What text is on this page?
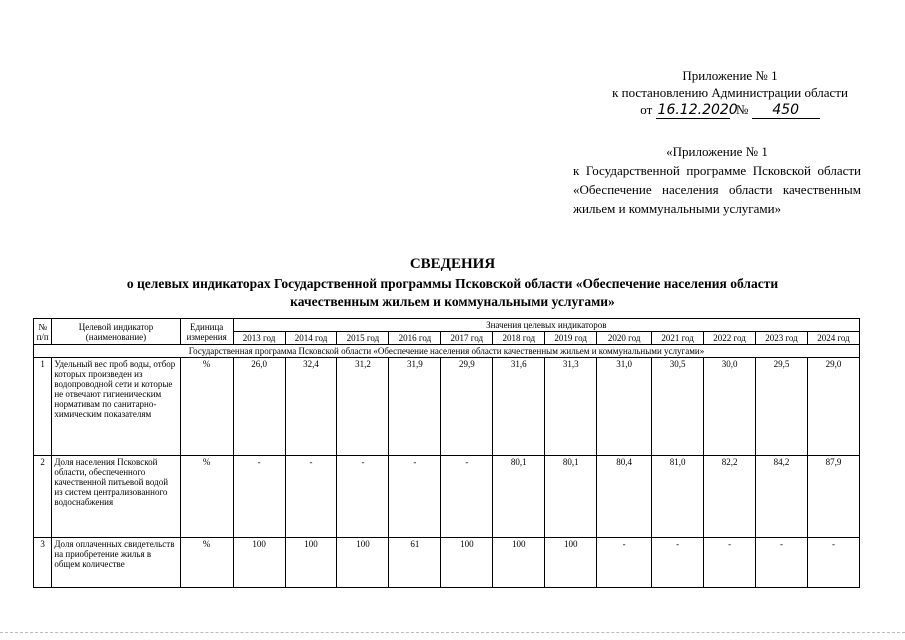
Приложение № 1
к постановлению Администрации области
от 16.12.2020  № 450
«Приложение № 1
к Государственной программе Псковской области «Обеспечение населения области качественным жильем и коммунальными услугами»
СВЕДЕНИЯ
о целевых индикаторах Государственной программы Псковской области «Обеспечение населения области
качественным жильем и коммунальными услугами»
№ п/п	Целевой индикатор (наименование)	Единица измерения	Значения целевых индикаторов											
			2013 год	2014 год	2015 год	2016 год	2017 год	2018 год	2019 год	2020 год	2021 год	2022 год	2023 год	2024 год
Государственная программа Псковской области «Обеспечение населения области качественным жильем и коммунальными услугами»														
1	Удельный вес проб воды, отбор которых произведен из водопроводной сети и которые не отвечают гигиеническим нормативам по санитарно-химическим показателям	%	26,0	32,4	31,2	31,9	29,9	31,6	31,3	31,0	30,5	30,0	29,5	29,0
2	Доля населения Псковской области, обеспеченного качественной питьевой водой из систем централизованного водоснабжения	%	-	-	-	-	-	80,1	80,1	80,4	81,0	82,2	84,2	87,9
3	Доля оплаченных свидетельств на приобретение жилья в общем количестве	%	100	100	100	61	100	100	100	-	-	-	-	-
